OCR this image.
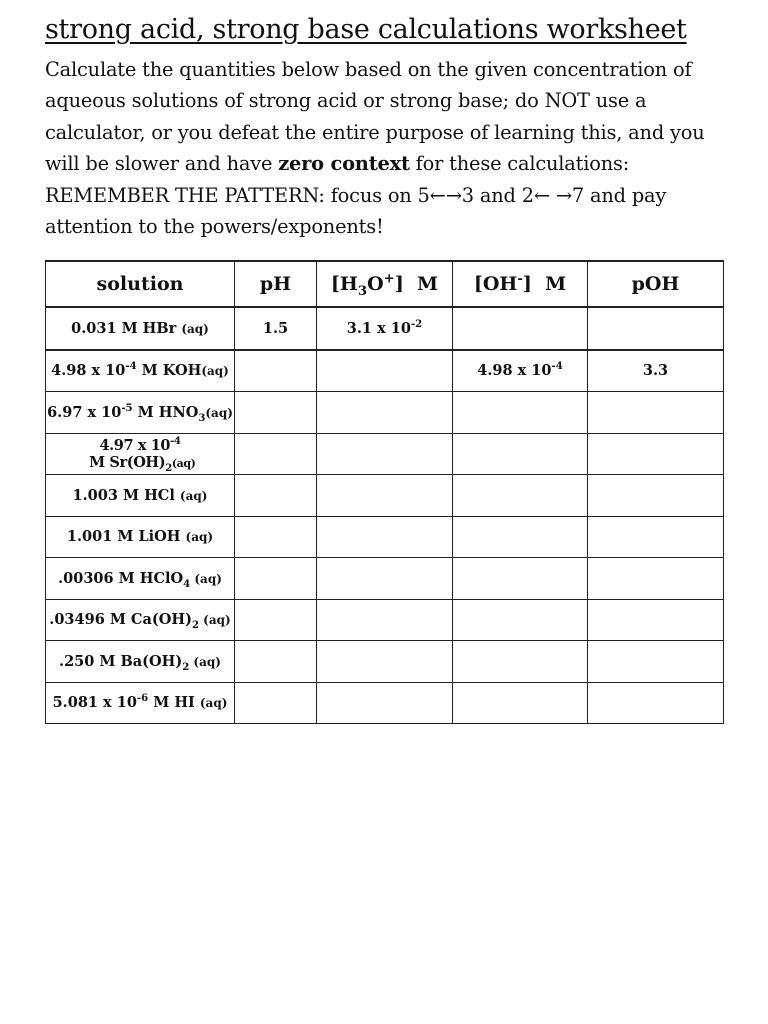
strong acid, strong base calculations worksheet
Calculate the quantities below based on the given concentration of aqueous solutions of strong acid or strong base; do NOT use a calculator, or you defeat the entire purpose of learning this, and you will be slower and have zero context for these calculations: REMEMBER THE PATTERN: focus on 5←→3 and 2← →7 and pay attention to the powers/exponents!
solution	pH	$[H_3O^+]$  M	[OH-]  M	pOH
0.031 M HBr (aq)	1.5	3.1 x $10^{-2}$		
4.98 x $10^{-4}$ M KOH(aq)			4.98 x $10^{-4}$	3.3
6.97 x $10^{-5}$ M $HNO_3(aq)$				
4.97 x $10^{-4}$ M $Sr(OH)_2(aq)$				
1.003 M HCl (aq)				
1.001 M LiOH (aq)				
.00306 M HClO$_4$ (aq)				
.03496 M $Ca(OH)_2$ (aq)				
.250 M $Ba(OH)_2$ (aq)				
5.081 x $10^{-6}$ M HI (aq)				
